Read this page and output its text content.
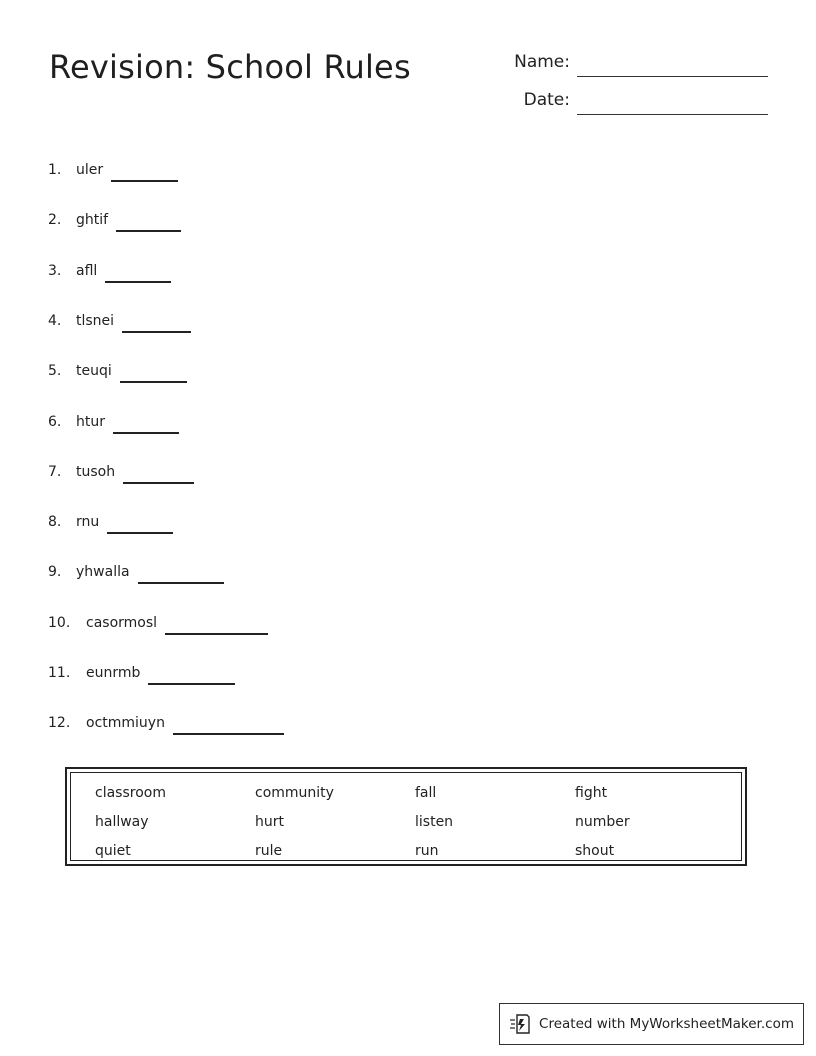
Revision: School Rules	Name:
Date:
1.	uler
2.	ghtif
3.	afll
4.	tlsnei
5.	teuqi
6.	htur
7.	tusoh
8.	rnu
9.	yhwalla
10.	casormosl
11.	eunrmb
12.	octmmiuyn
classroom	community	fall	fight
hallway	hurt	listen	number
quiet	rule	run	shout
Created with MyWorksheetMaker.com
